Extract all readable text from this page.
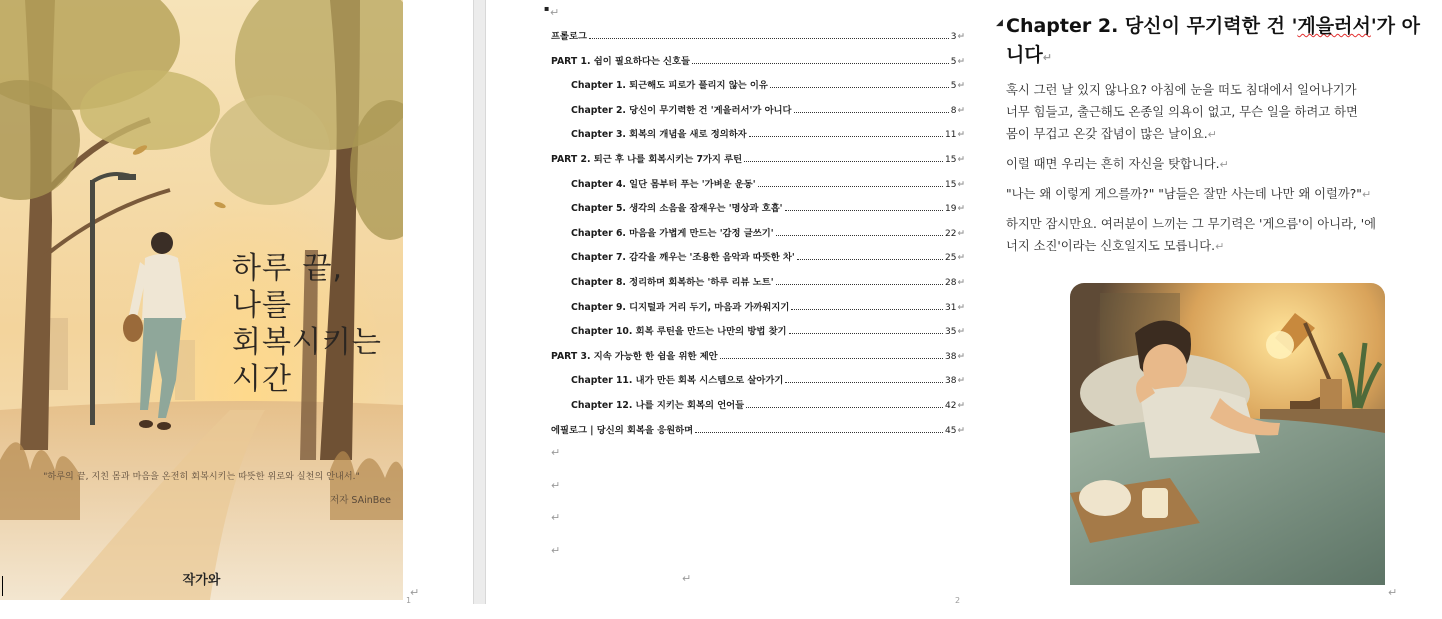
하루 끝,
나를
회복시키는
시간
"하루의 끝, 지친 몸과 마음을 온전히 회복시키는 따뜻한 위로와 실천의 안내서."
저자 SAinBee
작가와
↵
1
▪ ↵
프롤로그	3 ↵
PART 1. 쉼이 필요하다는 신호들	5 ↵
Chapter 1. 퇴근해도 피로가 풀리지 않는 이유	5 ↵
Chapter 2. 당신이 무기력한 건 '게을러서'가 아니다	8 ↵
Chapter 3. 회복의 개념을 새로 정의하자	11 ↵
PART 2. 퇴근 후 나를 회복시키는 7가지 루틴	15 ↵
Chapter 4. 일단 몸부터 푸는 '가벼운 운동'	15 ↵
Chapter 5. 생각의 소음을 잠재우는 '명상과 호흡'	19 ↵
Chapter 6. 마음을 가볍게 만드는 '감정 글쓰기'	22 ↵
Chapter 7. 감각을 깨우는 '조용한 음악과 따뜻한 차'	25 ↵
Chapter 8. 정리하며 회복하는 '하루 리뷰 노트'	28 ↵
Chapter 9. 디지털과 거리 두기, 마음과 가까워지기	31 ↵
Chapter 10. 회복 루틴을 만드는 나만의 방법 찾기	35 ↵
PART 3. 지속 가능한 한 쉼을 위한 제안	38 ↵
Chapter 11. 내가 만든 회복 시스템으로 살아가기	38 ↵
Chapter 12. 나를 지키는 회복의 언어들	42 ↵
에필로그 | 당신의 회복을 응원하며	45 ↵
↵
↵
↵
↵
↵
2
Chapter 2. 당신이 무기력한 건 '게을러서'가 아
니다↵
혹시 그런 날 있지 않나요? 아침에 눈을 떠도 침대에서 일어나기가
너무 힘들고, 출근해도 온종일 의욕이 없고, 무슨 일을 하려고 하면
몸이 무겁고 온갖 잡념이 많은 날이요.↵
이럴 때면 우리는 흔히 자신을 탓합니다.↵
"나는 왜 이렇게 게으를까?" "남들은 잘만 사는데 나만 왜 이럴까?"↵
하지만 잠시만요. 여러분이 느끼는 그 무기력은 '게으름'이 아니라, '에
너지 소진'이라는 신호일지도 모릅니다.↵
◢
↵
